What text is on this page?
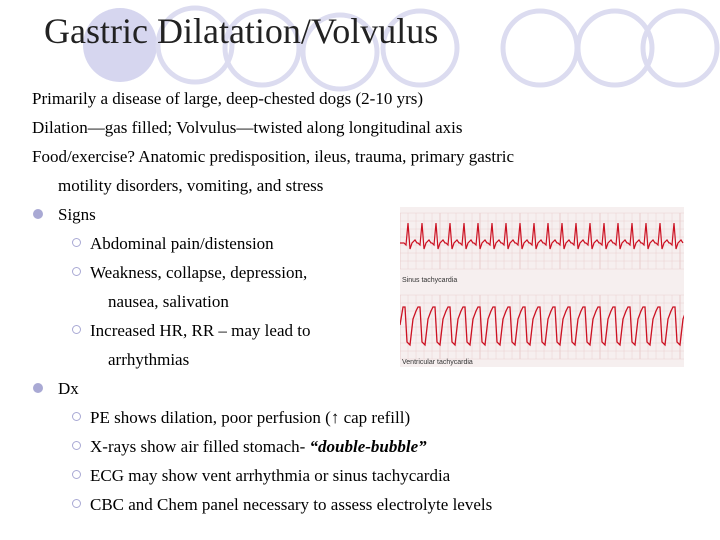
Gastric Dilatation/Volvulus
Primarily a disease of large, deep-chested dogs (2-10 yrs)
Dilation—gas filled; Volvulus—twisted along longitudinal axis
Food/exercise? Anatomic predisposition, ileus, trauma, primary gastric
motility disorders, vomiting, and stress
Signs
Abdominal pain/distension
Weakness, collapse, depression,
nausea, salivation
Increased HR, RR – may lead to
arrhythmias
Dx
PE shows dilation, poor perfusion (↑ cap refill)
X-rays show air filled stomach- “double-bubble”
ECG may show vent arrhythmia or sinus tachycardia
CBC and Chem panel necessary to assess electrolyte levels
Sinus tachycardia
Ventricular tachycardia
